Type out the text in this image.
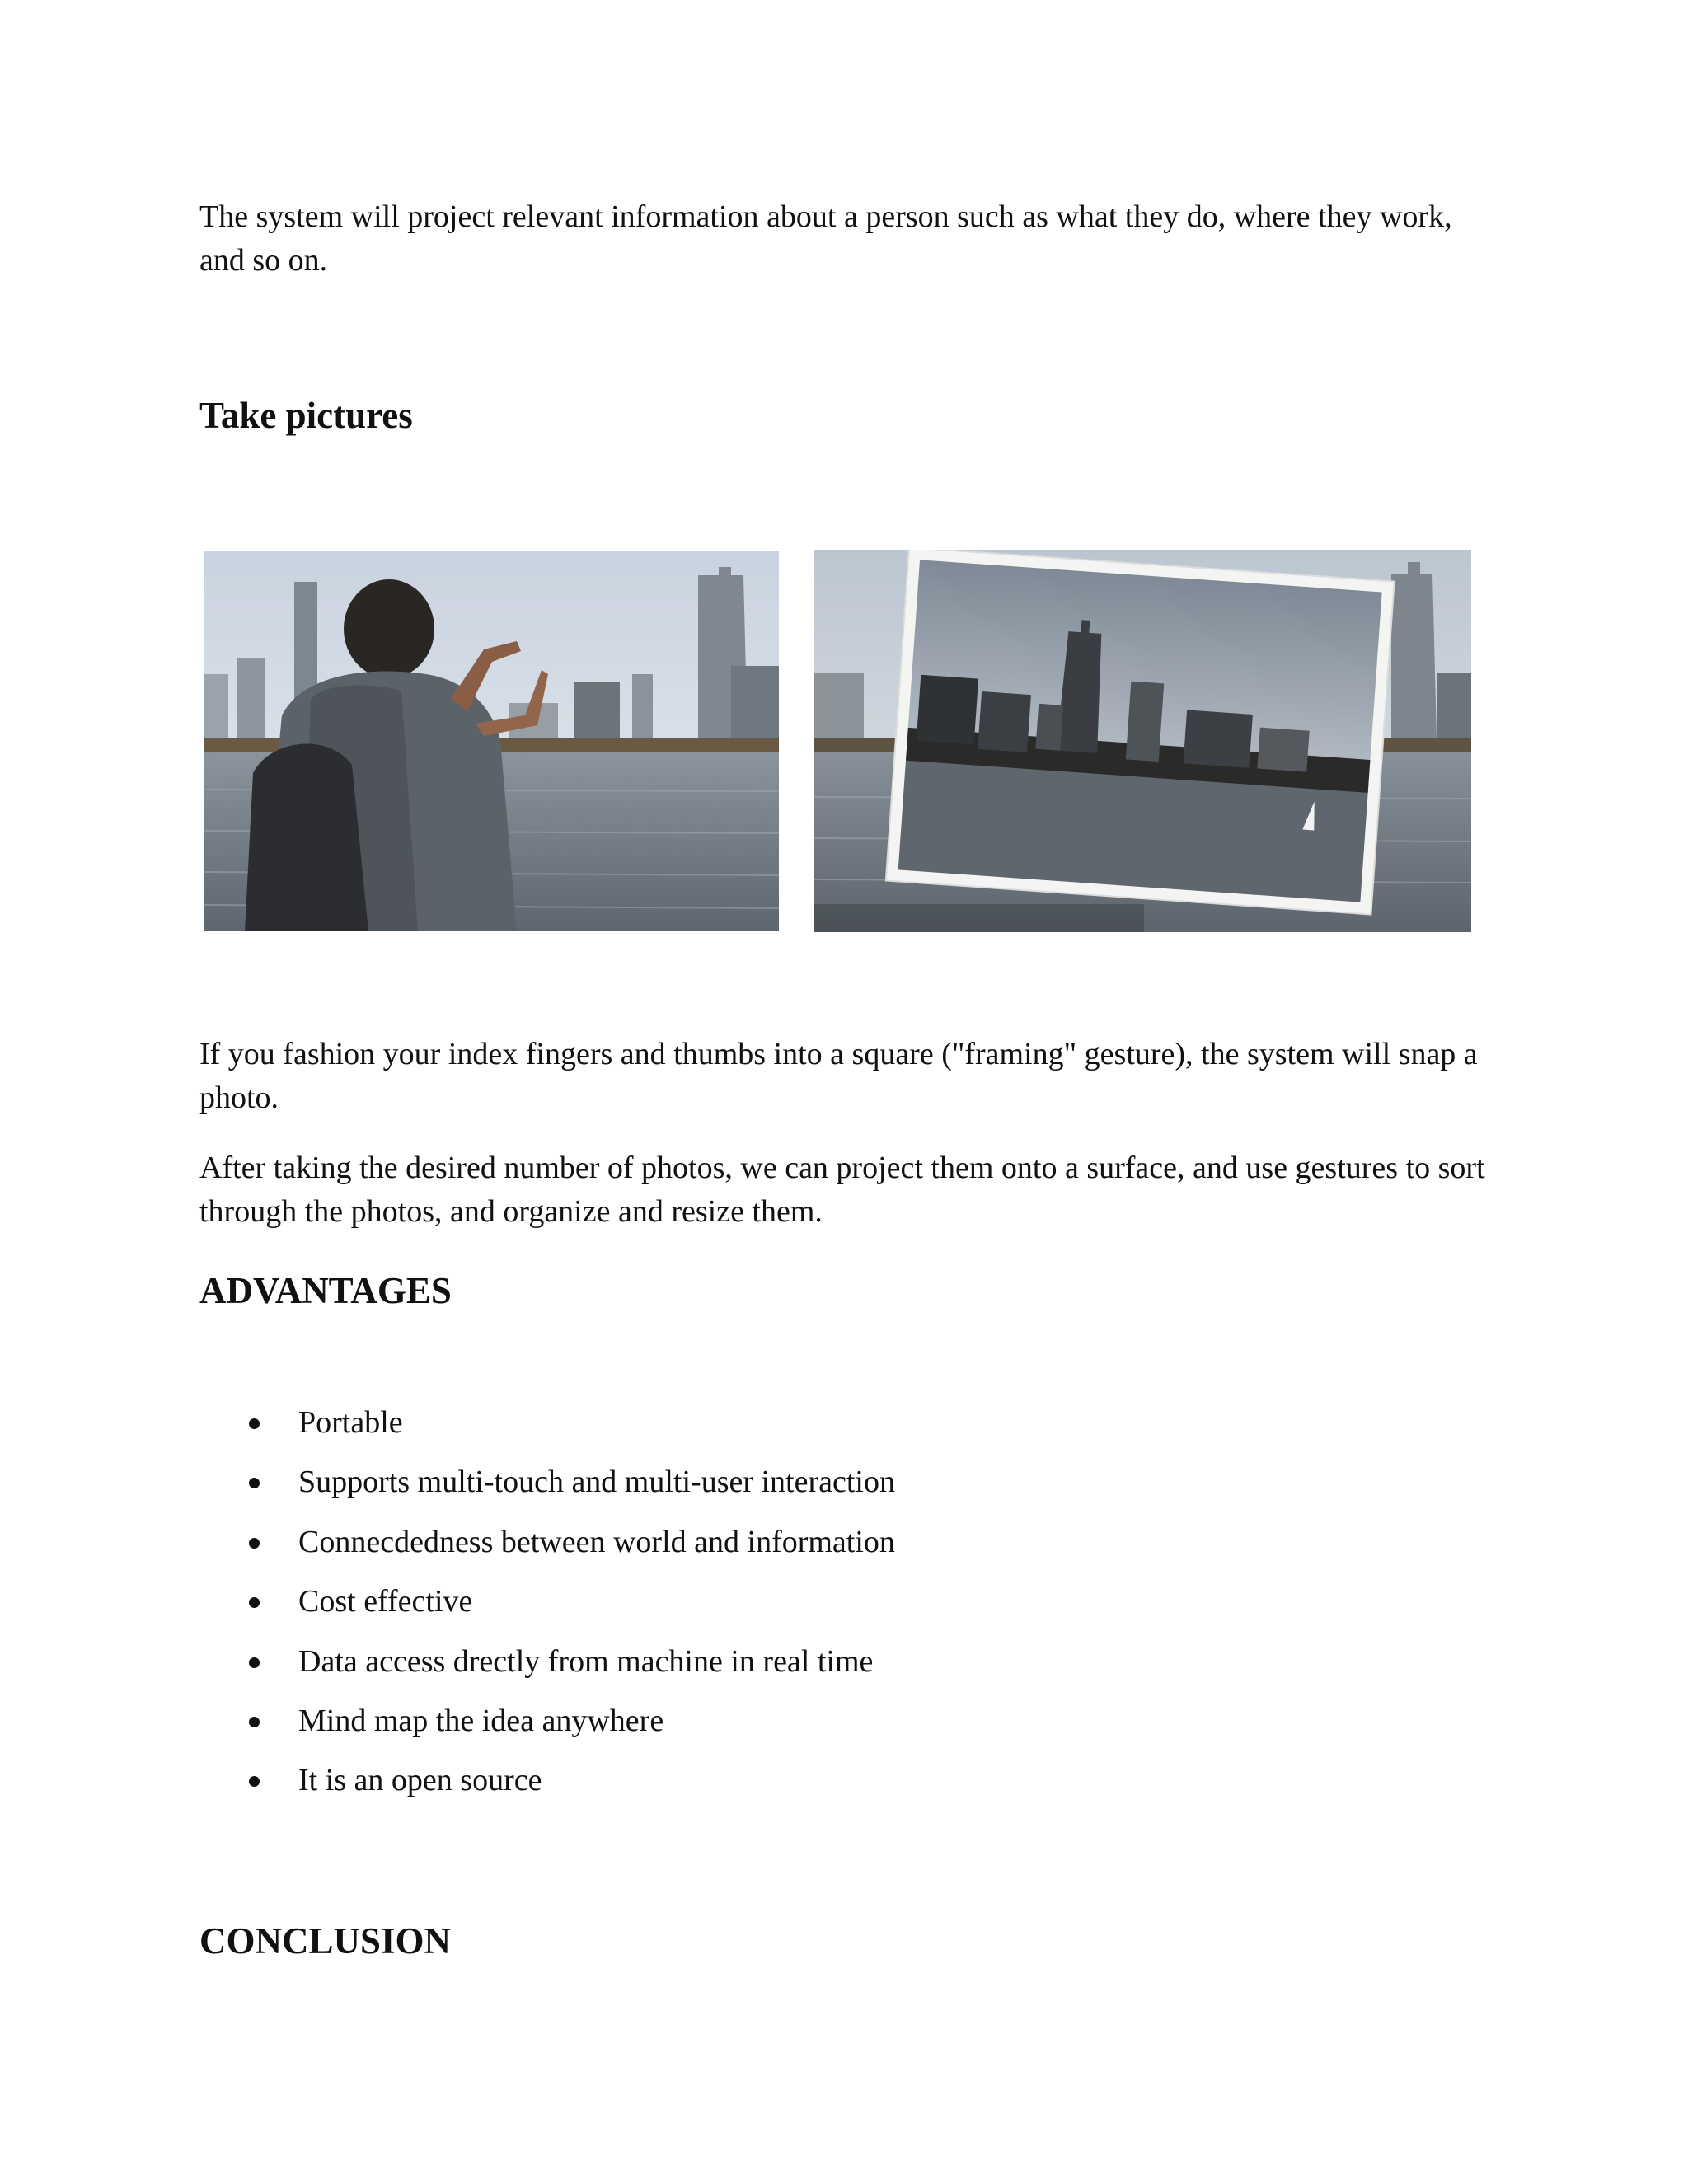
The system will project relevant information about a person such as what they do, where they work, and so on.

Take pictures

If you fashion your index fingers and thumbs into a square ("framing" gesture), the system will snap a photo.

After taking the desired number of photos, we can project them onto a surface, and use gestures to sort through the photos, and organize and resize them.

ADVANTAGES
Portable
Supports multi-touch and multi-user interaction
Connecdedness between world and information
Cost effective
Data access drectly from machine in real time
Mind map the idea anywhere
It is an open source
CONCLUSION
